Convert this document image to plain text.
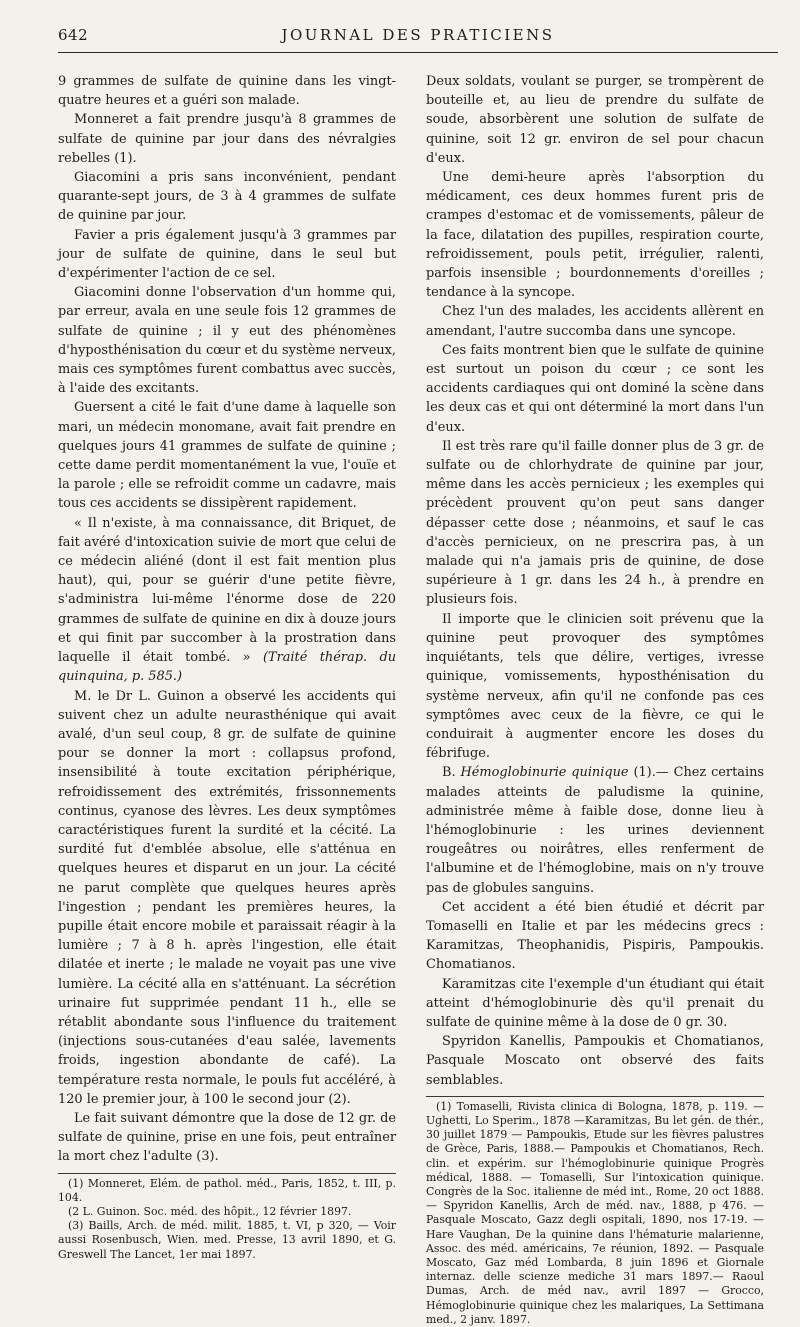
642	JOURNAL DES PRATICIENS

9 grammes de sulfate de quinine dans les vingt-quatre heures et a guéri son malade.

Monneret a fait prendre jusqu'à 8 grammes de sulfate de quinine par jour dans des névralgies rebelles (1).

Giacomini a pris sans inconvénient, pendant quarante-sept jours, de 3 à 4 grammes de sulfate de quinine par jour.

Favier a pris également jusqu'à 3 grammes par jour de sulfate de quinine, dans le seul but d'expérimenter l'action de ce sel.

Giacomini donne l'observation d'un homme qui, par erreur, avala en une seule fois 12 grammes de sulfate de quinine ; il y eut des phénomènes d'hyposthénisation du cœur et du système nerveux, mais ces symptômes furent combattus avec succès, à l'aide des excitants.

Guersent a cité le fait d'une dame à laquelle son mari, un médecin monomane, avait fait prendre en quelques jours 41 grammes de sulfate de quinine ; cette dame perdit momentanément la vue, l'ouïe et la parole ; elle se refroidit comme un cadavre, mais tous ces accidents se dissipèrent rapidement.

« Il n'existe, à ma connaissance, dit Briquet, de fait avéré d'intoxication suivie de mort que celui de ce médecin aliéné (dont il est fait mention plus haut), qui, pour se guérir d'une petite fièvre, s'administra lui-même l'énorme dose de 220 grammes de sulfate de quinine en dix à douze jours et qui finit par succomber à la prostration dans laquelle il était tombé. » (Traité thérap. du quinquina, p. 585.)

M. le Dr L. Guinon a observé les accidents qui suivent chez un adulte neurasthénique qui avait avalé, d'un seul coup, 8 gr. de sulfate de quinine pour se donner la mort : collapsus profond, insensibilité à toute excitation périphérique, refroidissement des extrémités, frissonnements continus, cyanose des lèvres. Les deux symptômes caractéristiques furent la surdité et la cécité. La surdité fut d'emblée absolue, elle s'atténua en quelques heures et disparut en un jour. La cécité ne parut complète que quelques heures après l'ingestion ; pendant les premières heures, la pupille était encore mobile et paraissait réagir à la lumière ; 7 à 8 h. après l'ingestion, elle était dilatée et inerte ; le malade ne voyait pas une vive lumière. La cécité alla en s'atténuant. La sécrétion urinaire fut supprimée pendant 11 h., elle se rétablit abondante sous l'influence du traitement (injections sous-cutanées d'eau salée, lavements froids, ingestion abondante de café). La température resta normale, le pouls fut accéléré, à 120 le premier jour, à 100 le second jour (2).

Le fait suivant démontre que la dose de 12 gr. de sulfate de quinine, prise en une fois, peut entraîner la mort chez l'adulte (3).

(1) Monneret, Elém. de pathol. méd., Paris, 1852, t. III, p. 104.

(2 L. Guinon. Soc. méd. des hôpit., 12 février 1897.

(3) Baills, Arch. de méd. milit. 1885, t. VI, p 320, — Voir aussi Rosenbusch, Wien. med. Presse, 13 avril 1890, et G. Greswell The Lancet, 1er mai 1897.

Deux soldats, voulant se purger, se trompèrent de bouteille et, au lieu de prendre du sulfate de soude, absorbèrent une solution de sulfate de quinine, soit 12 gr. environ de sel pour chacun d'eux.

Une demi-heure après l'absorption du médicament, ces deux hommes furent pris de crampes d'estomac et de vomissements, pâleur de la face, dilatation des pupilles, respiration courte, refroidissement, pouls petit, irrégulier, ralenti, parfois insensible ; bourdonnements d'oreilles ; tendance à la syncope.

Chez l'un des malades, les accidents allèrent en amendant, l'autre succomba dans une syncope.

Ces faits montrent bien que le sulfate de quinine est surtout un poison du cœur ; ce sont les accidents cardiaques qui ont dominé la scène dans les deux cas et qui ont déterminé la mort dans l'un d'eux.

Il est très rare qu'il faille donner plus de 3 gr. de sulfate ou de chlorhydrate de quinine par jour, même dans les accès pernicieux ; les exemples qui précèdent prouvent qu'on peut sans danger dépasser cette dose ; néanmoins, et sauf le cas d'accès pernicieux, on ne prescrira pas, à un malade qui n'a jamais pris de quinine, de dose supérieure à 1 gr. dans les 24 h., à prendre en plusieurs fois.

Il importe que le clinicien soit prévenu que la quinine peut provoquer des symptômes inquiétants, tels que délire, vertiges, ivresse quinique, vomissements, hyposthénisation du système nerveux, afin qu'il ne confonde pas ces symptômes avec ceux de la fièvre, ce qui le conduirait à augmenter encore les doses du fébrifuge.

B. Hémoglobinurie quinique (1).— Chez certains malades atteints de paludisme la quinine, administrée même à faible dose, donne lieu à l'hémoglobinurie : les urines deviennent rougeâtres ou noirâtres, elles renferment de l'albumine et de l'hémoglobine, mais on n'y trouve pas de globules sanguins.

Cet accident a été bien étudié et décrit par Tomaselli en Italie et par les médecins grecs : Karamitzas, Theophanidis, Pispiris, Pampoukis. Chomatianos.

Karamitzas cite l'exemple d'un étudiant qui était atteint d'hémoglobinurie dès qu'il prenait du sulfate de quinine même à la dose de 0 gr. 30.

Spyridon Kanellis, Pampoukis et Chomatianos, Pasquale Moscato ont observé des faits semblables.

(1) Tomaselli, Rivista clinica di Bologna, 1878, p. 119. — Ughetti, Lo Sperim., 1878 —Karamitzas, Bu let gén. de thér., 30 juillet 1879 — Pampoukis, Etude sur les fièvres palustres de Grèce, Paris, 1888.— Pampoukis et Chomatianos, Rech. clin. et expérim. sur l'hémoglobinurie quinique Progrès médical, 1888. — Tomaselli, Sur l'intoxication quinique. Congrès de la Soc. italienne de méd int., Rome, 20 oct 1888. — Spyridon Kanellis, Arch de méd. nav., 1888, p 476. — Pasquale Moscato, Gazz degli ospitali, 1890, nos 17-19. — Hare Vaughan, De la quinine dans l'hématurie malarienne, Assoc. des méd. américains, 7e réunion, 1892. — Pasquale Moscato, Gaz méd Lombarda, 8 juin 1896 et Giornale internaz. delle scienze mediche 31 mars 1897.— Raoul Dumas, Arch. de méd nav., avril 1897 — Grocco, Hémoglobinurie quinique chez les malariques, La Settimana med., 2 janv. 1897.
